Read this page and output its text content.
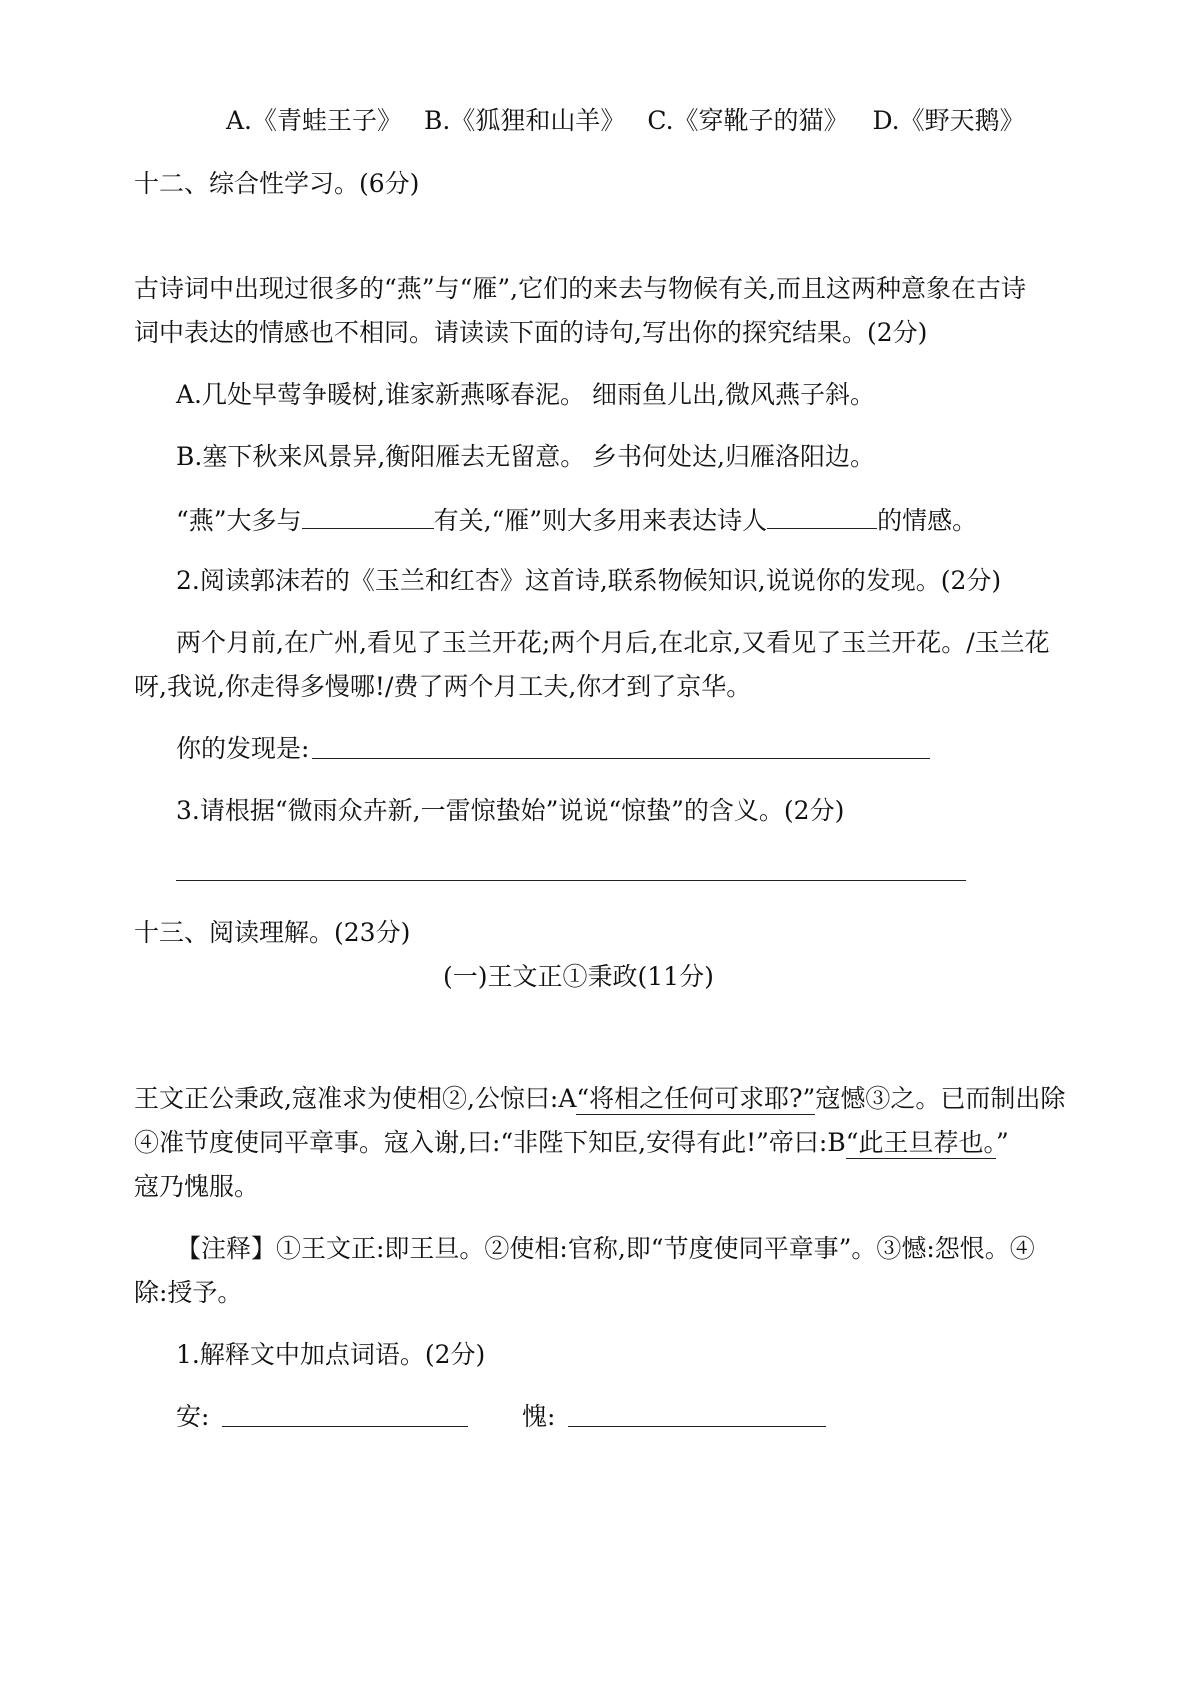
A.《青蛙王子》 B.《狐狸和山羊》 C.《穿靴子的猫》 D.《野天鹅》
十二、综合性学习。(6分)
古诗词中出现过很多的“燕”与“雁”,它们的来去与物候有关,而且这两种意象在古诗
词中表达的情感也不相同。请读读下面的诗句,写出你的探究结果。(2分)
A.几处早莺争暖树,谁家新燕啄春泥。 细雨鱼儿出,微风燕子斜。
B.塞下秋来风景异,衡阳雁去无留意。 乡书何处达,归雁洛阳边。
“燕”大多与	有关,“雁”则大多用来表达诗人	的情感。
2.阅读郭沫若的《玉兰和红杏》这首诗,联系物候知识,说说你的发现。(2分)
两个月前,在广州,看见了玉兰开花;两个月后,在北京,又看见了玉兰开花。/玉兰花
呀,我说,你走得多慢哪!/费了两个月工夫,你才到了京华。
你的发现是:
3.请根据“微雨众卉新,一雷惊蛰始”说说“惊蛰”的含义。(2分)
十三、阅读理解。(23分)
(一)王文正①秉政(11分)
王文正公秉政,寇准求为使相②,公惊曰:A“将相之任何可求耶?”寇憾③之。已而制出除
④准节度使同平章事。寇入谢,曰:“非陛下知臣,安得有此!”帝曰:B“此王旦荐也。”
寇乃愧服。
【注释】①王文正:即王旦。②使相:官称,即“节度使同平章事”。③憾:怨恨。④
除:授予。
1.解释文中加点词语。(2分)
安:	愧:
